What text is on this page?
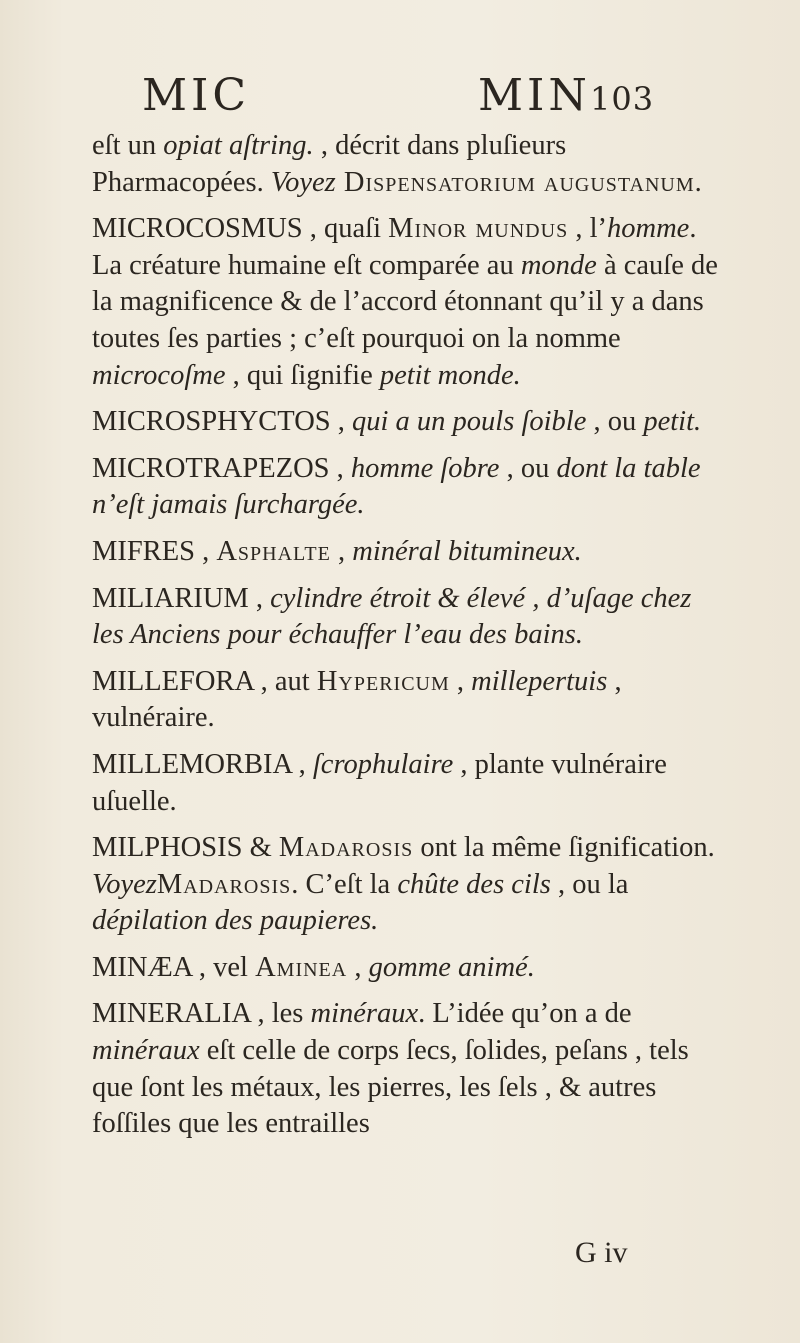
MIC	MIN 103

eſt un opiat aſtring. , décrit dans pluſieurs Pharmacopées. Voyez Dispensatorium augustanum.

MICROCOSMUS , quaſi Minor mundus , l’homme. La créature humaine eſt comparée au monde à cauſe de la magnificence & de l’accord étonnant qu’il y a dans toutes ſes parties ; c’eſt pourquoi on la nomme microcoſme , qui ſignifie petit monde.

MICROSPHYCTOS , qui a un pouls ſoible , ou petit.

MICROTRAPEZOS , homme ſobre , ou dont la table n’eſt jamais ſurchargée.

MIFRES , Asphalte , minéral bitumineux.

MILIARIUM , cylindre étroit & élevé , d’uſage chez les Anciens pour échauffer l’eau des bains.

MILLEFORA , aut Hypericum , millepertuis , vulnéraire.

MILLEMORBIA , ſcrophulaire , plante vulnéraire uſuelle.

MILPHOSIS & Madarosis ont la même ſignification. VoyezMadarosis. C’eſt la chûte des cils , ou la dépilation des paupieres.

MINÆA , vel Aminea , gomme animé.

MINERALIA , les minéraux. L’idée qu’on a de minéraux eſt celle de corps ſecs, ſolides, peſans , tels que ſont les métaux, les pierres, les ſels , & autres foſſiles que les entrailles

G iv
